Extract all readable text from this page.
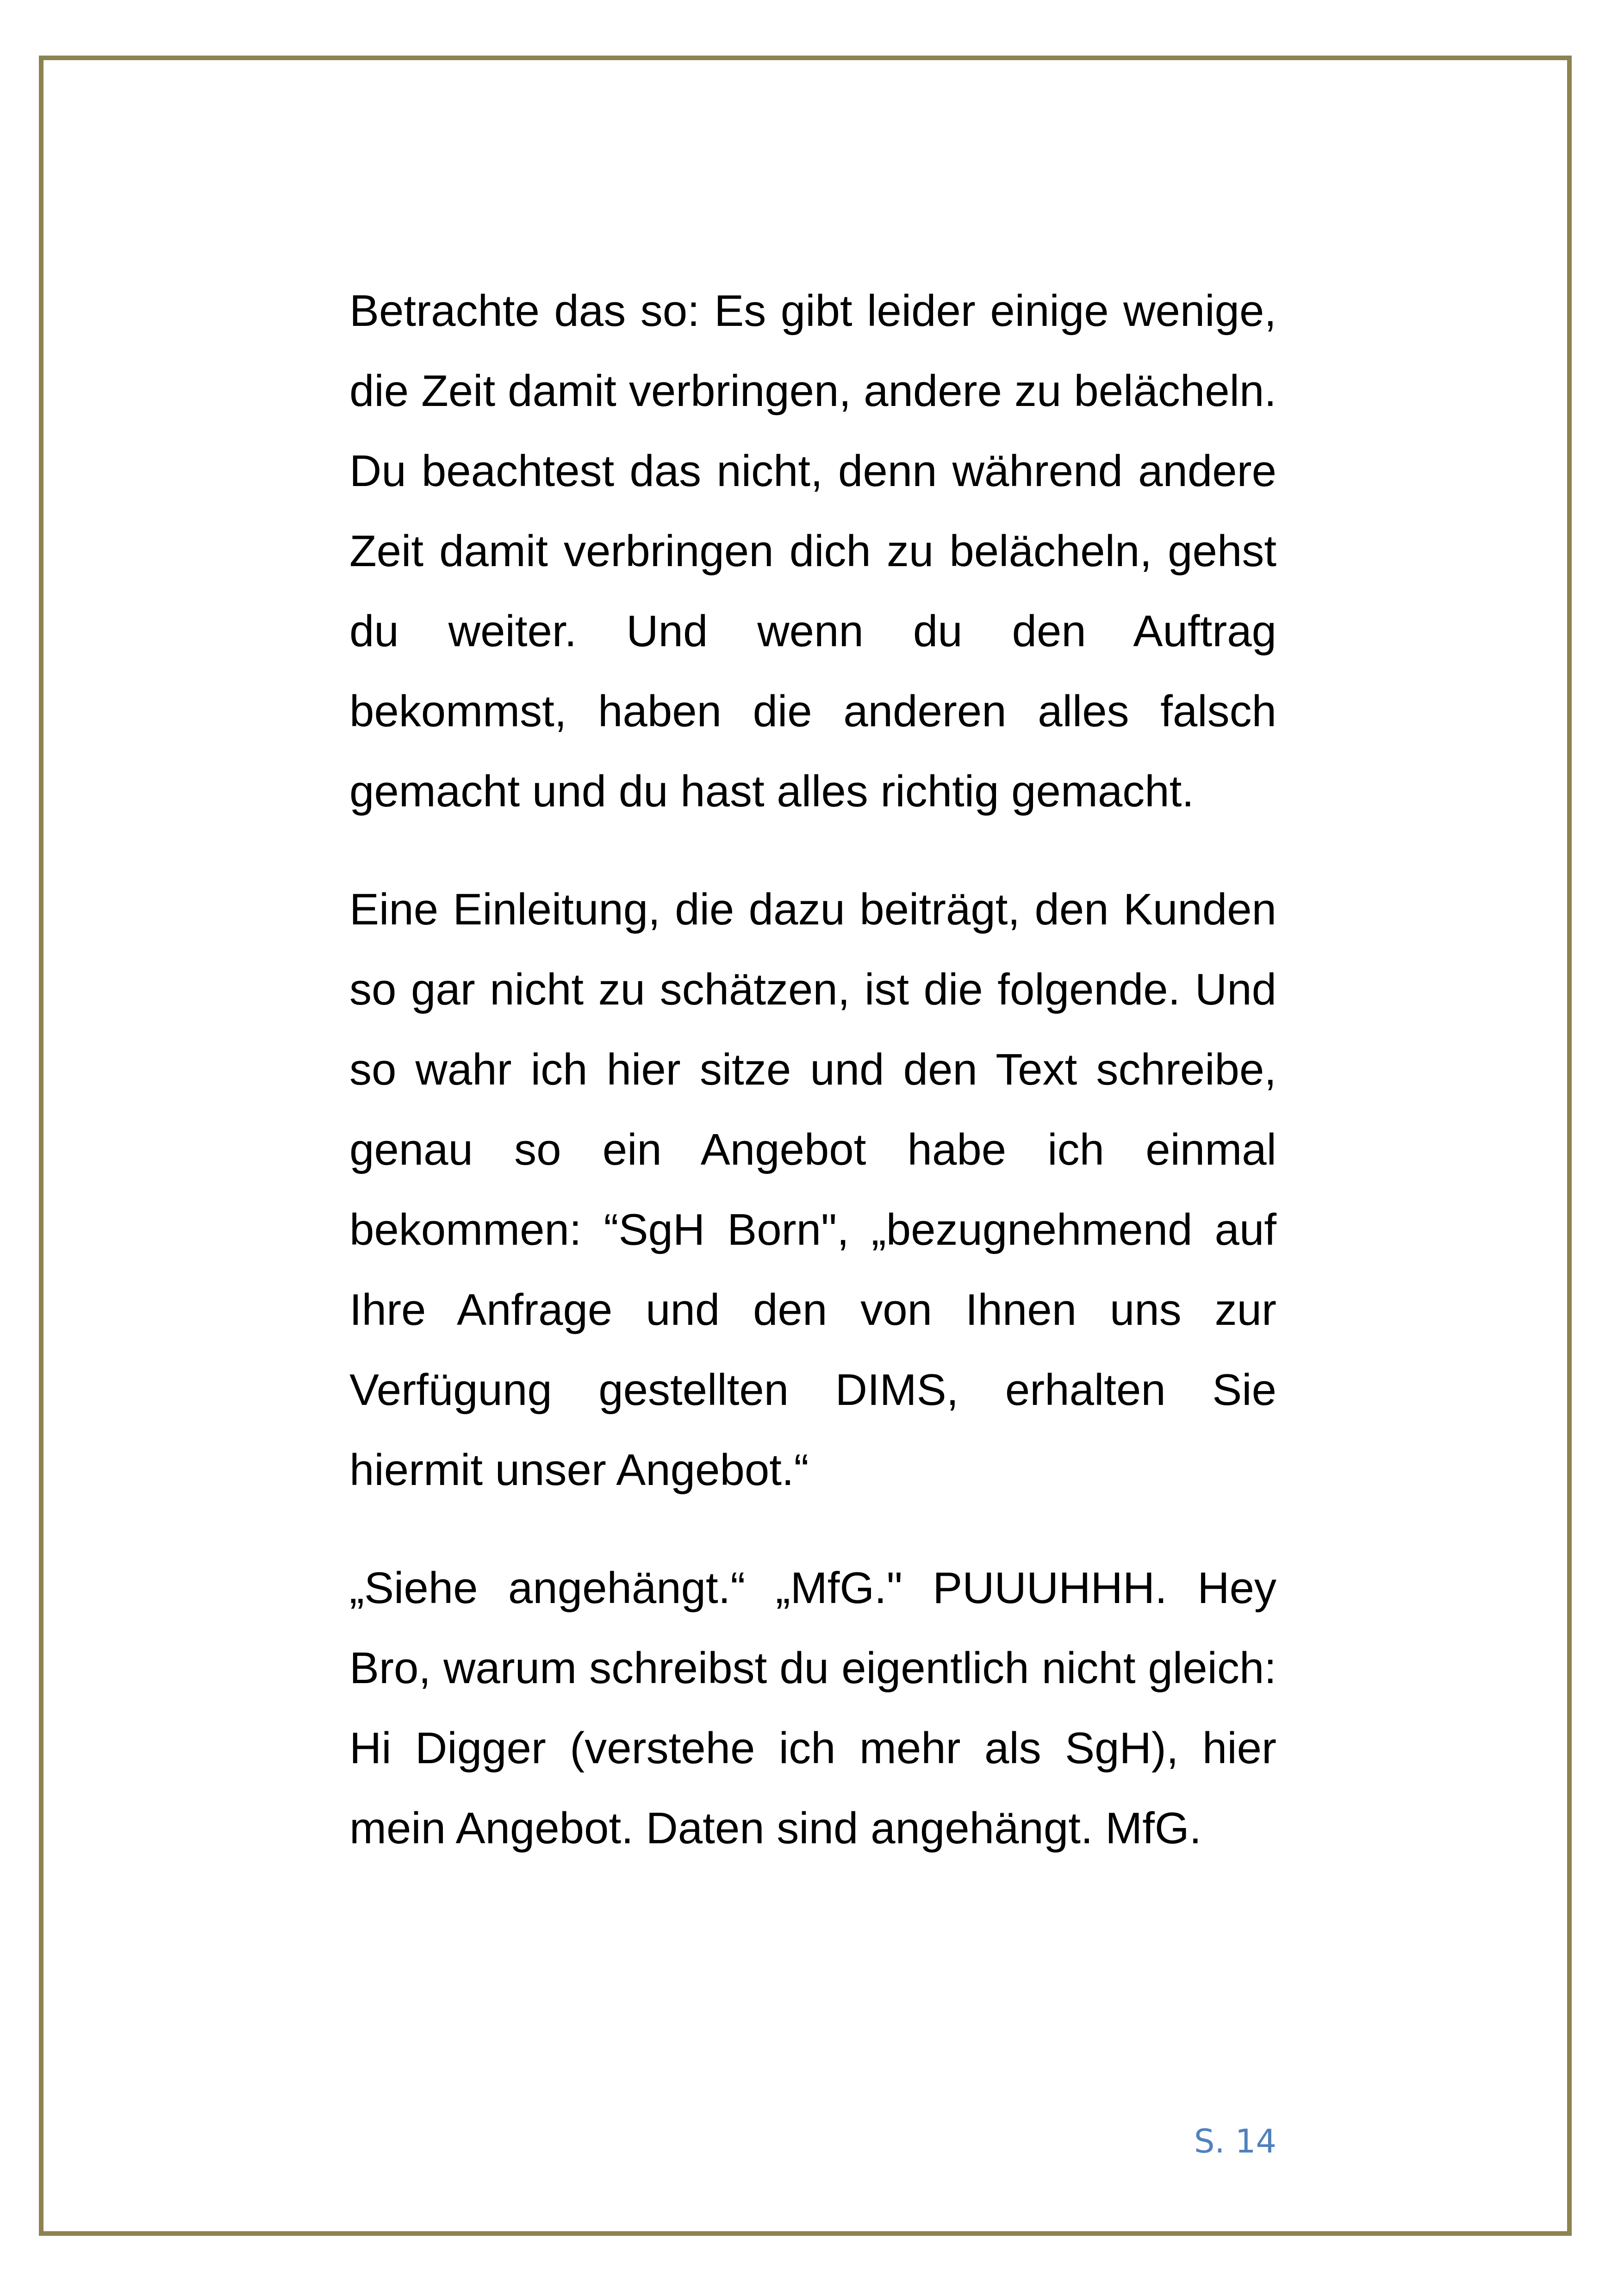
Betrachte das so: Es gibt leider einige wenige, die Zeit damit verbringen, andere zu belächeln. Du beachtest das nicht, denn während andere Zeit damit verbringen dich zu belächeln, gehst du weiter. Und wenn du den Auftrag bekommst, haben die anderen alles falsch gemacht und du hast alles richtig gemacht.

Eine Einleitung, die dazu beiträgt, den Kunden so gar nicht zu schätzen, ist die folgende. Und so wahr ich hier sitze und den Text schreibe, genau so ein Angebot habe ich einmal bekommen: “SgH Born", „bezugnehmend auf Ihre Anfrage und den von Ihnen uns zur Verfügung gestellten DIMS, erhalten Sie hiermit unser Angebot.“

„Siehe angehängt.“ „MfG." PUUUHHH. Hey Bro, warum schreibst du eigentlich nicht gleich: Hi Digger (verstehe ich mehr als SgH), hier mein Angebot. Daten sind angehängt. MfG.

S. 14
